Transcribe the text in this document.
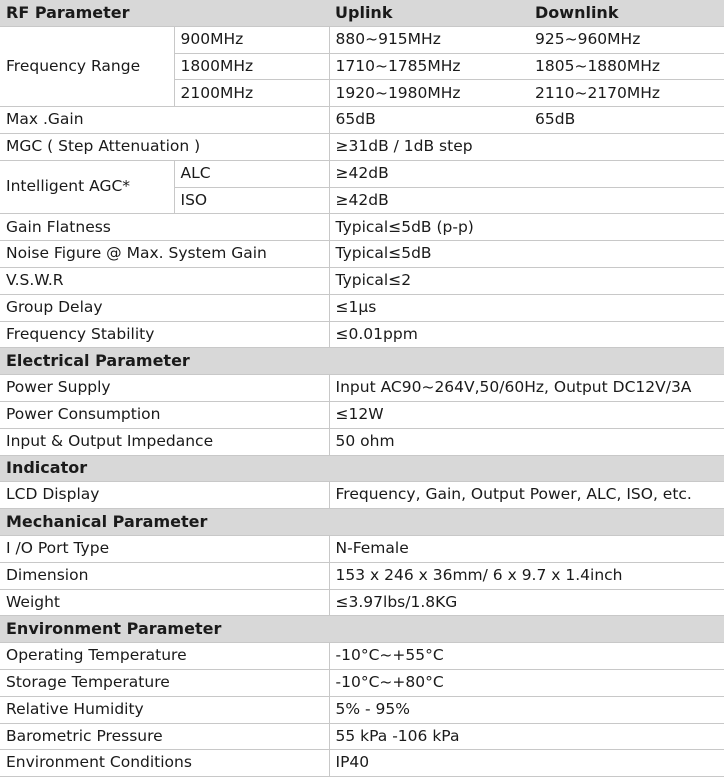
RF Parameter		Uplink	Downlink
Frequency Range	900MHz	880~915MHz	925~960MHz
	1800MHz	1710~1785MHz	1805~1880MHz
	2100MHz	1920~1980MHz	2110~2170MHz
Max .Gain		65dB	65dB
MGC ( Step Attenuation )		≥31dB / 1dB step	
Intelligent AGC*	ALC	≥42dB	
	ISO	≥42dB	
Gain Flatness		Typical≤5dB (p-p)	
Noise Figure @ Max. System Gain		Typical≤5dB	
V.S.W.R		Typical≤2	
Group Delay		≤1μs	
Frequency Stability		≤0.01ppm	
Electrical Parameter			
Power Supply		Input AC90~264V,50/60Hz, Output DC12V/3A	
Power Consumption		≤12W	
Input & Output Impedance		50 ohm	
Indicator			
LCD Display		Frequency, Gain, Output Power, ALC, ISO, etc.	
Mechanical Parameter			
I /O Port Type		N-Female	
Dimension		153 x 246 x 36mm/ 6 x 9.7 x 1.4inch	
Weight		≤3.97lbs/1.8KG	
Environment Parameter			
Operating Temperature		-10°C~+55°C	
Storage Temperature		-10°C~+80°C	
Relative Humidity		5% - 95%	
Barometric Pressure		55 kPa -106 kPa	
Environment Conditions		IP40	
